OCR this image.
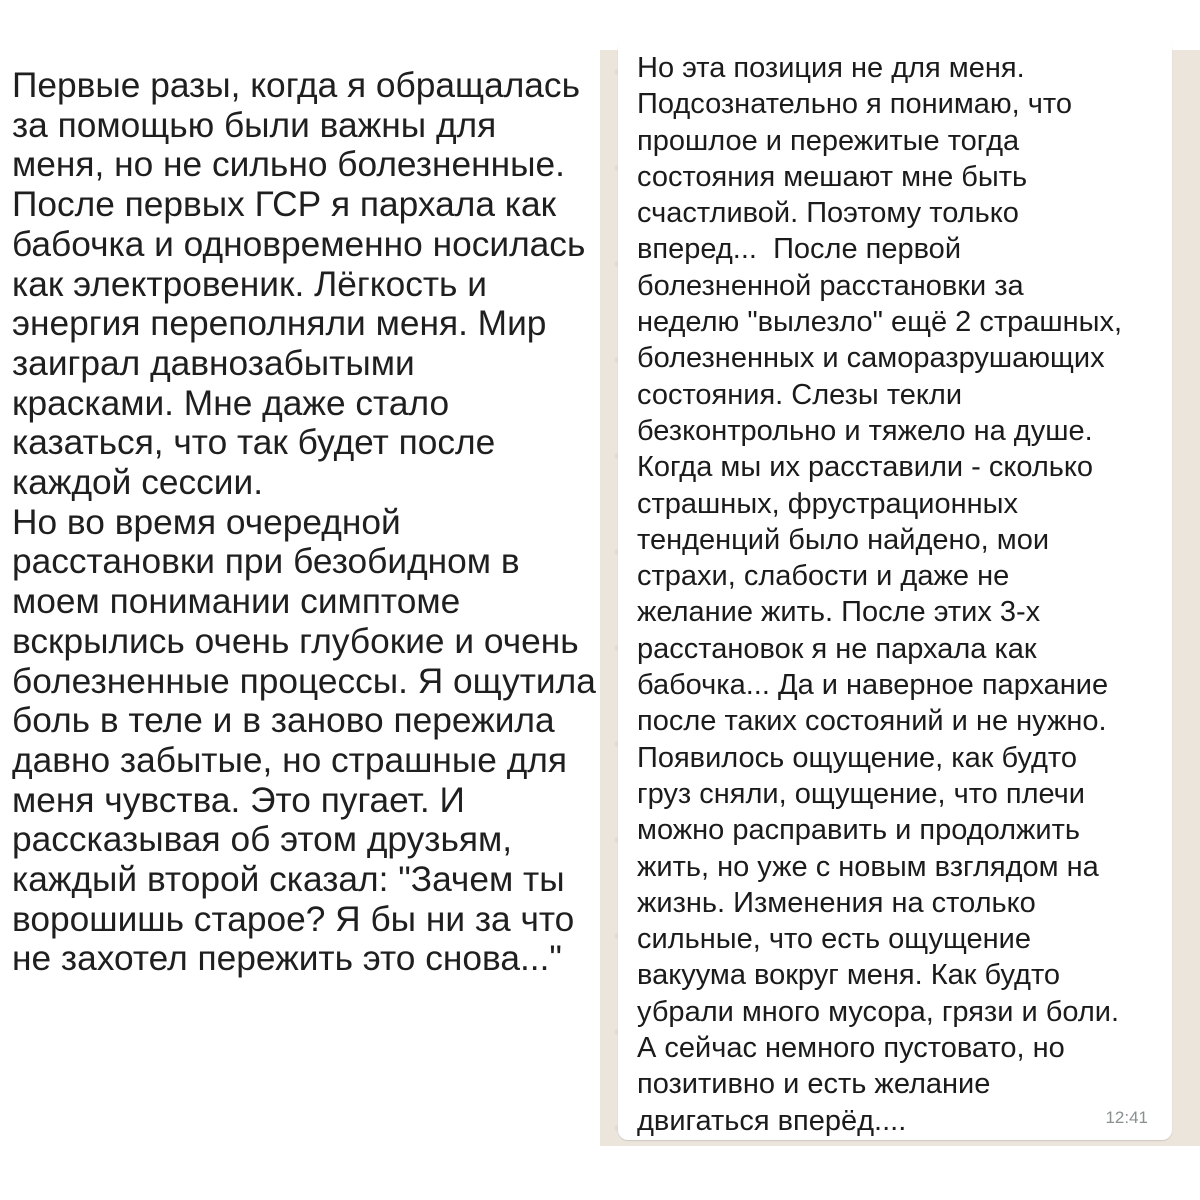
Первые разы, когда я обращалась
за помощью были важны для
меня, но не сильно болезненные.
После первых ГСР я пархала как
бабочка и одновременно носилась
как электровеник. Лёгкость и
энергия переполняли меня. Мир
заиграл давнозабытыми
красками. Мне даже стало
казаться, что так будет после
каждой сессии.
Но во время очередной
расстановки при безобидном в
моем понимании симптоме
вскрылись очень глубокие и очень
болезненные процессы. Я ощутила
боль в теле и в заново пережила
давно забытые, но страшные для
меня чувства. Это пугает. И
рассказывая об этом друзьям,
каждый второй сказал: "Зачем ты
ворошишь старое? Я бы ни за что
не захотел пережить это снова..."

Но эта позиция не для меня.
Подсознательно я понимаю, что
прошлое и пережитые тогда
состояния мешают мне быть
счастливой. Поэтому только
вперед...  После первой
болезненной расстановки за
неделю "вылезло" ещё 2 страшных,
болезненных и саморазрушающих
состояния. Слезы текли
безконтрольно и тяжело на душе.
Когда мы их расставили - сколько
страшных, фрустрационных
тенденций было найдено, мои
страхи, слабости и даже не
желание жить. После этих 3-х
расстановок я не пархала как
бабочка... Да и наверное пархание
после таких состояний и не нужно.
Появилось ощущение, как будто
груз сняли, ощущение, что плечи
можно расправить и продолжить
жить, но уже с новым взглядом на
жизнь. Изменения на столько
сильные, что есть ощущение
вакуума вокруг меня. Как будто
убрали много мусора, грязи и боли.
А сейчас немного пустовато, но
позитивно и есть желание
двигаться вперёд....	12:41
